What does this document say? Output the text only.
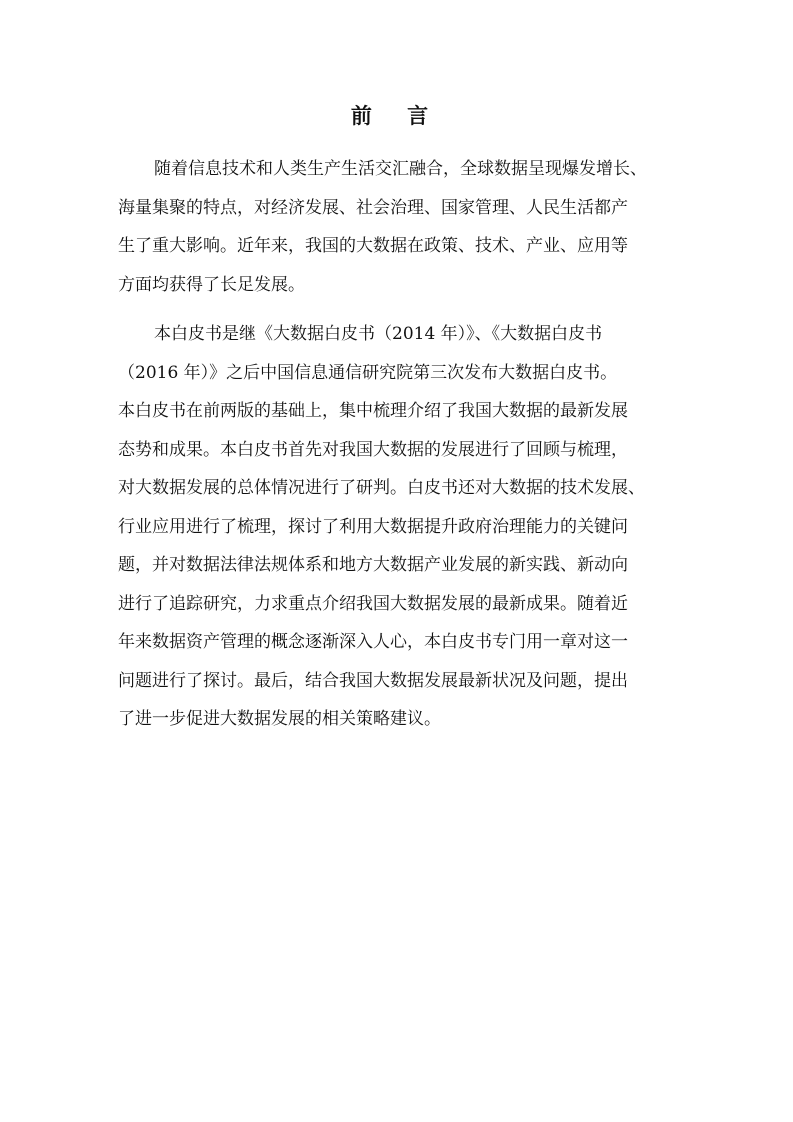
前 言

随着信息技术和人类生产生活交汇融合，全球数据呈现爆发增长、
海量集聚的特点，对经济发展、社会治理、国家管理、人民生活都产
生了重大影响。近年来，我国的大数据在政策、技术、产业、应用等
方面均获得了长足发展。

本白皮书是继《大数据白皮书（2014 年）》、《大数据白皮书
（2016 年）》之后中国信息通信研究院第三次发布大数据白皮书。
本白皮书在前两版的基础上，集中梳理介绍了我国大数据的最新发展
态势和成果。本白皮书首先对我国大数据的发展进行了回顾与梳理，
对大数据发展的总体情况进行了研判。白皮书还对大数据的技术发展、
行业应用进行了梳理，探讨了利用大数据提升政府治理能力的关键问
题，并对数据法律法规体系和地方大数据产业发展的新实践、新动向
进行了追踪研究，力求重点介绍我国大数据发展的最新成果。随着近
年来数据资产管理的概念逐渐深入人心，本白皮书专门用一章对这一
问题进行了探讨。最后，结合我国大数据发展最新状况及问题，提出
了进一步促进大数据发展的相关策略建议。
